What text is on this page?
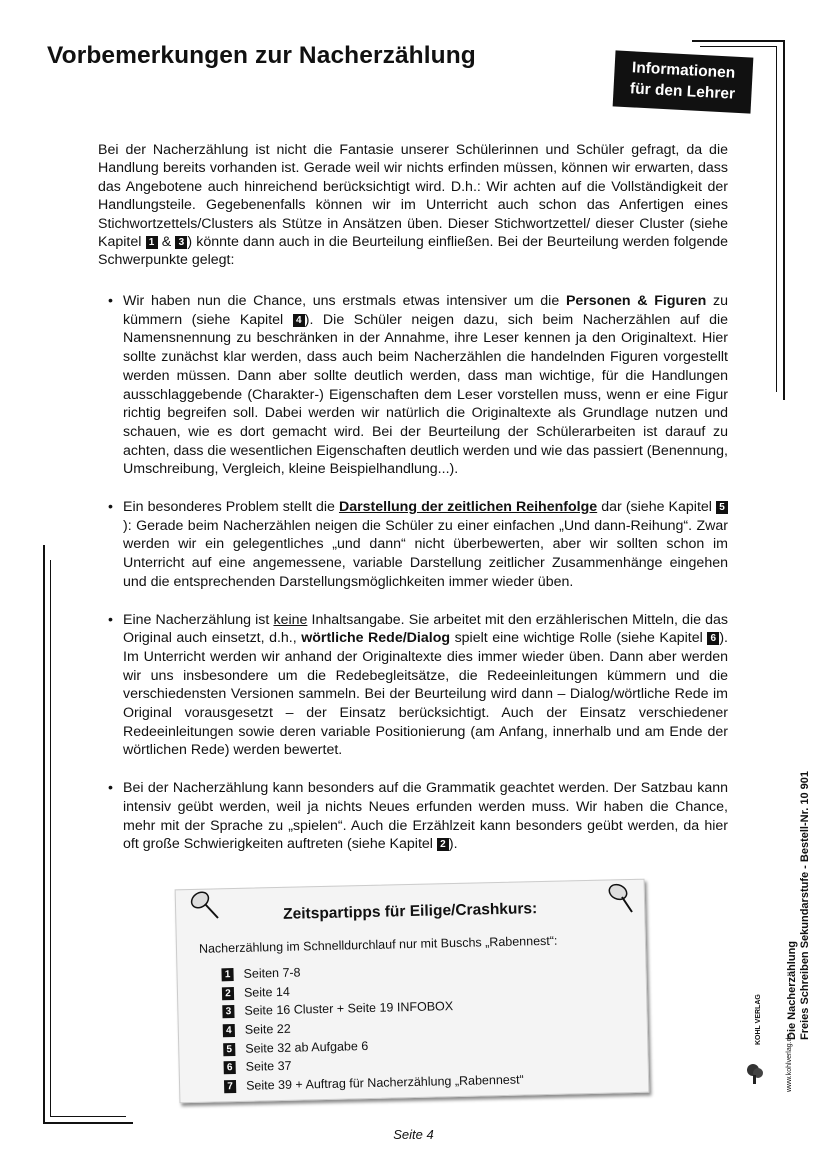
Vorbemerkungen zur Nacherzählung
Informationen
für den Lehrer

Bei der Nacherzählung ist nicht die Fantasie unserer Schülerinnen und Schüler gefragt, da die Handlung bereits vorhanden ist. Gerade weil wir nichts erfinden müssen, können wir erwarten, dass das Angebotene auch hinreichend berücksichtigt wird. D.h.: Wir achten auf die Vollständigkeit der Handlungsteile. Gegebenenfalls können wir im Unterricht auch schon das Anfertigen eines Stichwortzettels/Clusters als Stütze in Ansätzen üben. Dieser Stichwortzettel/ dieser Cluster (siehe Kapitel 1 & 3 ) könnte dann auch in die Beurteilung einfließen. Bei der Beurteilung werden folgende Schwerpunkte gelegt:

• Wir haben nun die Chance, uns erstmals etwas intensiver um die Personen & Figuren zu kümmern (siehe Kapitel 4 ). Die Schüler neigen dazu, sich beim Nacherzählen auf die Namensnennung zu beschränken in der Annahme, ihre Leser kennen ja den Originaltext. Hier sollte zunächst klar werden, dass auch beim Nacherzählen die handelnden Figuren vorgestellt werden müssen. Dann aber sollte deutlich werden, dass man wichtige, für die Handlungen ausschlaggebende (Charakter-) Eigenschaften dem Leser vorstellen muss, wenn er eine Figur richtig begreifen soll. Dabei werden wir natürlich die Originaltexte als Grundlage nutzen und schauen, wie es dort gemacht wird. Bei der Beurteilung der Schülerarbeiten ist darauf zu achten, dass die wesentlichen Eigenschaften deutlich werden und wie das passiert (Benennung, Umschreibung, Vergleich, kleine Beispielhandlung...).
• Ein besonderes Problem stellt die Darstellung der zeitlichen Reihenfolge dar (siehe Kapitel 5): Gerade beim Nacherzählen neigen die Schüler zu einer einfachen „Und dann-Reihung“. Zwar werden wir ein gelegentliches „und dann“ nicht überbewerten, aber wir sollten schon im Unterricht auf eine angemessene, variable Darstellung zeitlicher Zusammenhänge eingehen und die entsprechenden Darstellungsmöglichkeiten immer wieder üben.
• Eine Nacherzählung ist keine Inhaltsangabe. Sie arbeitet mit den erzählerischen Mitteln, die das Original auch einsetzt, d.h., wörtliche Rede/Dialog spielt eine wichtige Rolle (siehe Kapitel 6 ). Im Unterricht werden wir anhand der Originaltexte dies immer wieder üben. Dann aber werden wir uns insbesondere um die Redebegleitsätze, die Redeeinleitungen kümmern und die verschiedensten Versionen sammeln. Bei der Beurteilung wird dann – Dialog/wörtliche Rede im Original vorausgesetzt – der Einsatz berücksichtigt. Auch der Einsatz verschiedener Redeeinleitungen sowie deren variable Positionierung (am Anfang, innerhalb und am Ende der wörtlichen Rede) werden bewertet.
• Bei der Nacherzählung kann besonders auf die Grammatik geachtet werden. Der Satzbau kann intensiv geübt werden, weil ja nichts Neues erfunden werden muss. Wir haben die Chance, mehr mit der Sprache zu „spielen“. Auch die Erzählzeit kann besonders geübt werden, da hier oft große Schwierigkeiten auftreten (siehe Kapitel 2 ).
Zeitspartipps für Eilige/Crashkurs:
Nacherzählung im Schnelldurchlauf nur mit Buschs „Rabennest“:
1 Seiten 7-8
2 Seite 14
3 Seite 16 Cluster + Seite 19 INFOBOX
4 Seite 22
5 Seite 32 ab Aufgabe 6
6 Seite 37
7 Seite 39 + Auftrag für Nacherzählung „Rabennest“
Seite 4
Die Nacherzählung Freies Schreiben Sekundarstufe - Bestell-Nr. 10 901
www.kohlverlag.de
KOHL VERLAG
